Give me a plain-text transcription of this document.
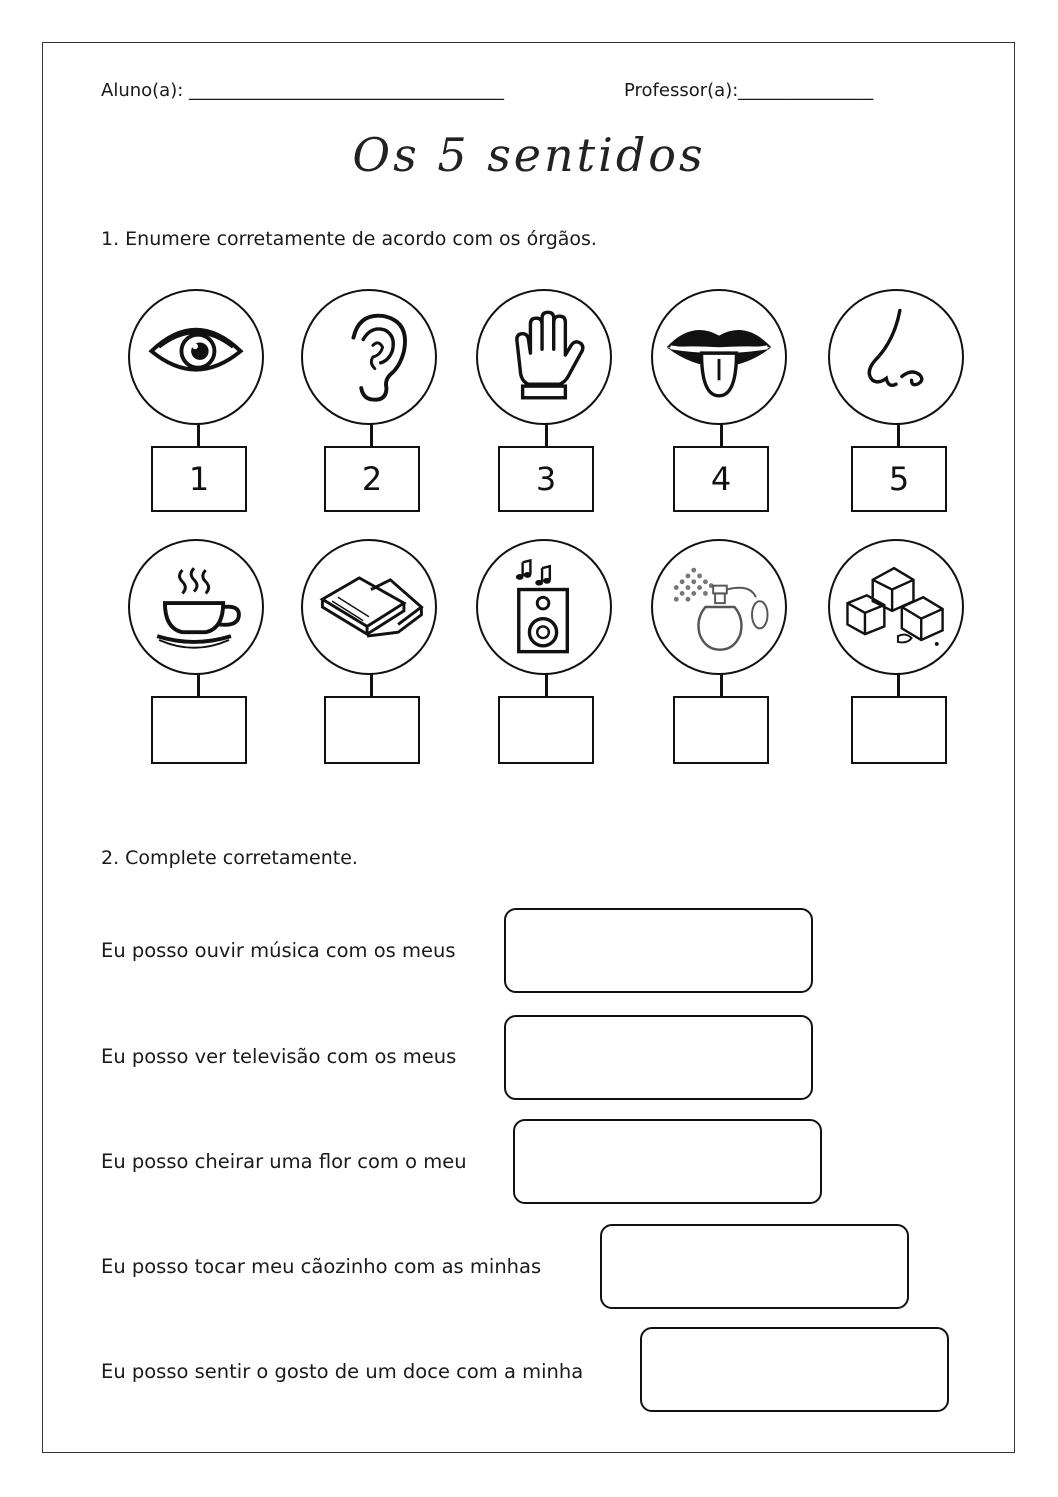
Aluno(a): ___________________________________	Professor(a):_______________
Os 5 sentidos
1. Enumere corretamente de acordo com os órgãos.
1	2	3	4	5
2. Complete corretamente.
Eu posso ouvir música com os meus
Eu posso ver televisão com os meus
Eu posso cheirar uma flor com o meu
Eu posso tocar meu cãozinho com as minhas
Eu posso sentir o gosto de um doce com a minha
